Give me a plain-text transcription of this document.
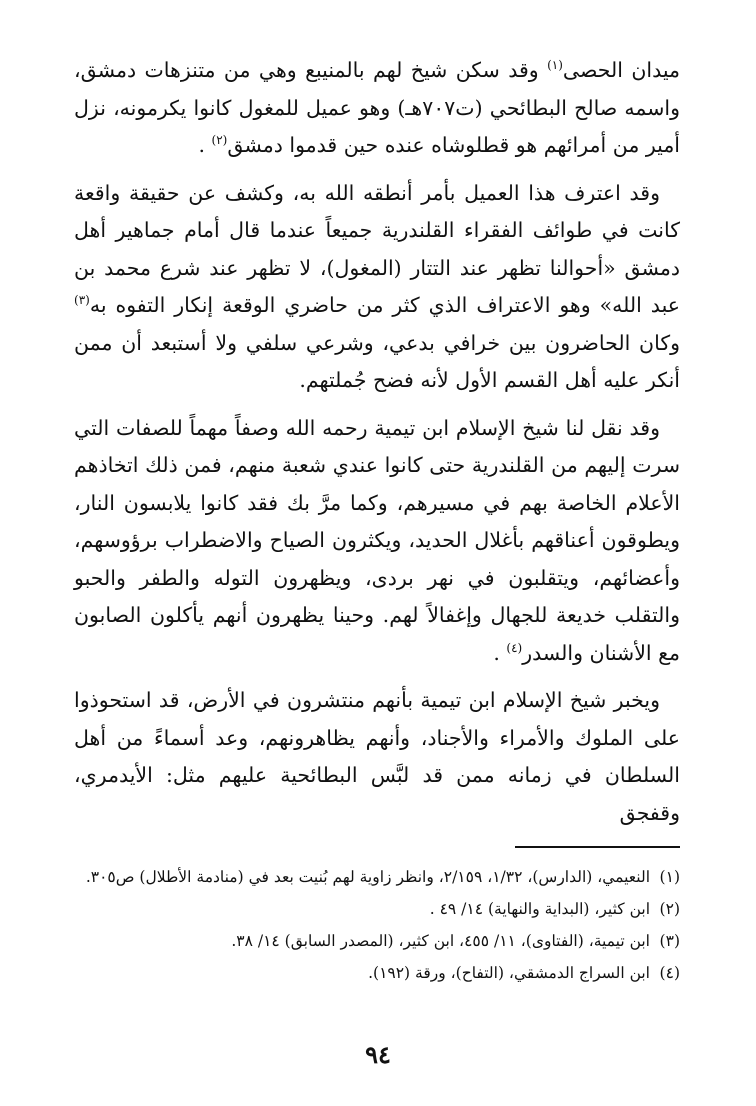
ميدان الحصى$^{(١)}$ وقد سكن شيخ لهم بالمنيبع وهي من متنزهات دمشق، واسمه صالح البطائحي (ت٧٠٧هـ) وهو عميل للمغول كانوا يكرمونه، نزل أمير من أمرائهم هو قطلوشاه عنده حين قدموا دمشق$^{(٢)}$ .

وقد اعترف هذا العميل بأمر أنطقه الله به، وكشف عن حقيقة واقعة كانت في طوائف الفقراء القلندرية جميعاً عندما قال أمام جماهير أهل دمشق «أحوالنا تظهر عند التتار (المغول)، لا تظهر عند شرع محمد بن عبد الله» وهو الاعتراف الذي كثر من حاضري الوقعة إنكار التفوه به$^{(٣)}$ وكان الحاضرون بين خرافي بدعي، وشرعي سلفي ولا أستبعد أن ممن أنكر عليه أهل القسم الأول لأنه فضح جُملتهم.

وقد نقل لنا شيخ الإسلام ابن تيمية رحمه الله وصفاً مهماً للصفات التي سرت إليهم من القلندرية حتى كانوا عندي شعبة منهم، فمن ذلك اتخاذهم الأعلام الخاصة بهم في مسيرهم، وكما مرَّ بك فقد كانوا يلابسون النار، ويطوقون أعناقهم بأغلال الحديد، ويكثرون الصياح والاضطراب برؤوسهم، وأعضائهم، ويتقلبون في نهر بردى، ويظهرون التوله والطفر والحبو والتقلب خديعة للجهال وإغفالاً لهم. وحينا يظهرون أنهم يأكلون الصابون مع الأشنان والسدر$^{(٤)}$ .

ويخبر شيخ الإسلام ابن تيمية بأنهم منتشرون في الأرض، قد استحوذوا على الملوك والأمراء والأجناد، وأنهم يظاهرونهم، وعد أسماءً من أهل السلطان في زمانه ممن قد لبَّس البطائحية عليهم مثل: الأيدمري، وقفجق

(١)
النعيمي، (الدارس)، ١/٣٢، ٢/١٥٩، وانظر زاوية لهم بُنيت بعد في (منادمة الأطلال) ص٣٠٥.
(٢)
ابن كثير، (البداية والنهاية) ١٤/ ٤٩ .
(٣)
ابن تيمية، (الفتاوى)، ١١/ ٤٥٥، ابن كثير، (المصدر السابق) ١٤/ ٣٨.
(٤)
ابن السراج الدمشقي، (التفاح)، ورقة (١٩٢).
٩٤
